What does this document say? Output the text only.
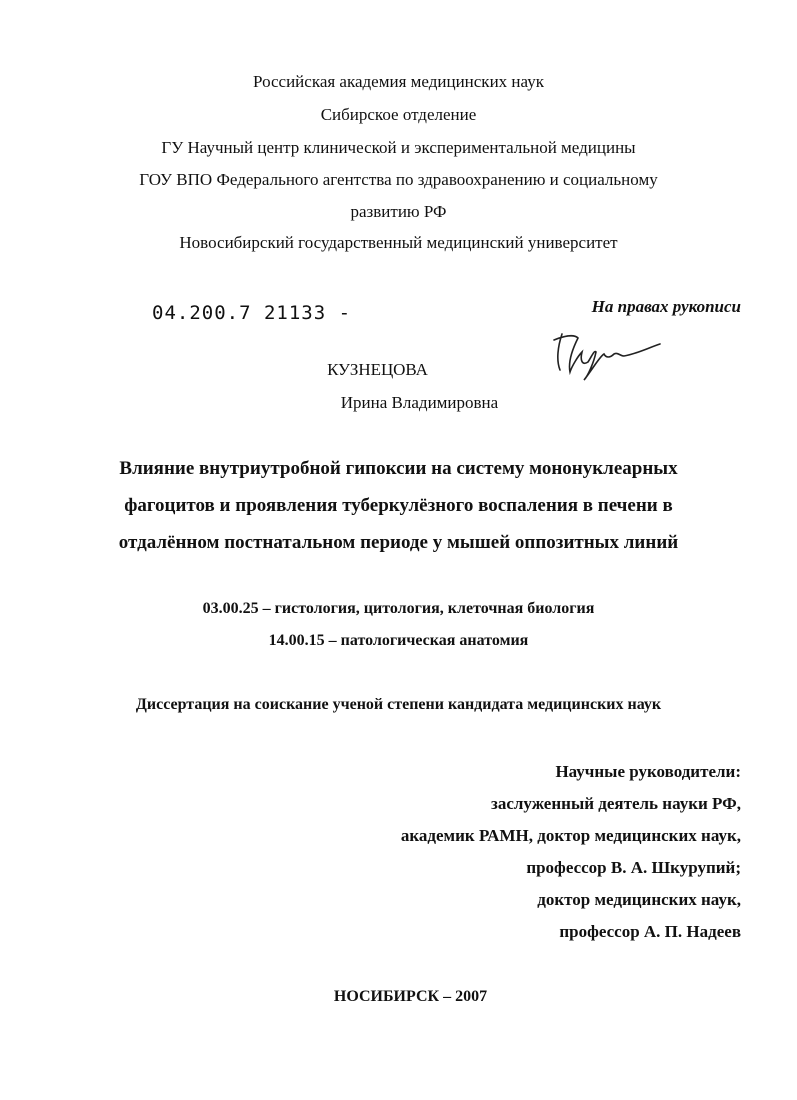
Российская академия медицинских наук
Сибирское отделение
ГУ Научный центр клинической и экспериментальной медицины
ГОУ ВПО Федерального агентства по здравоохранению и социальному
развитию РФ
Новосибирский государственный медицинский университет
04.200.7 21133 -	На правах рукописи
КУЗНЕЦОВА
Ирина Владимировна
Влияние внутриутробной гипоксии на систему мононуклеарных
фагоцитов и проявления туберкулёзного воспаления в печени в
отдалённом постнатальном периоде у мышей оппозитных линий
03.00.25 – гистология, цитология, клеточная биология
14.00.15 – патологическая анатомия
Диссертация на соискание ученой степени кандидата медицинских наук
Научные руководители:
заслуженный деятель науки РФ,
академик РАМН, доктор медицинских наук,
профессор В. А. Шкурупий;
доктор медицинских наук,
профессор А. П. Надеев
НОСИБИРСК – 2007
